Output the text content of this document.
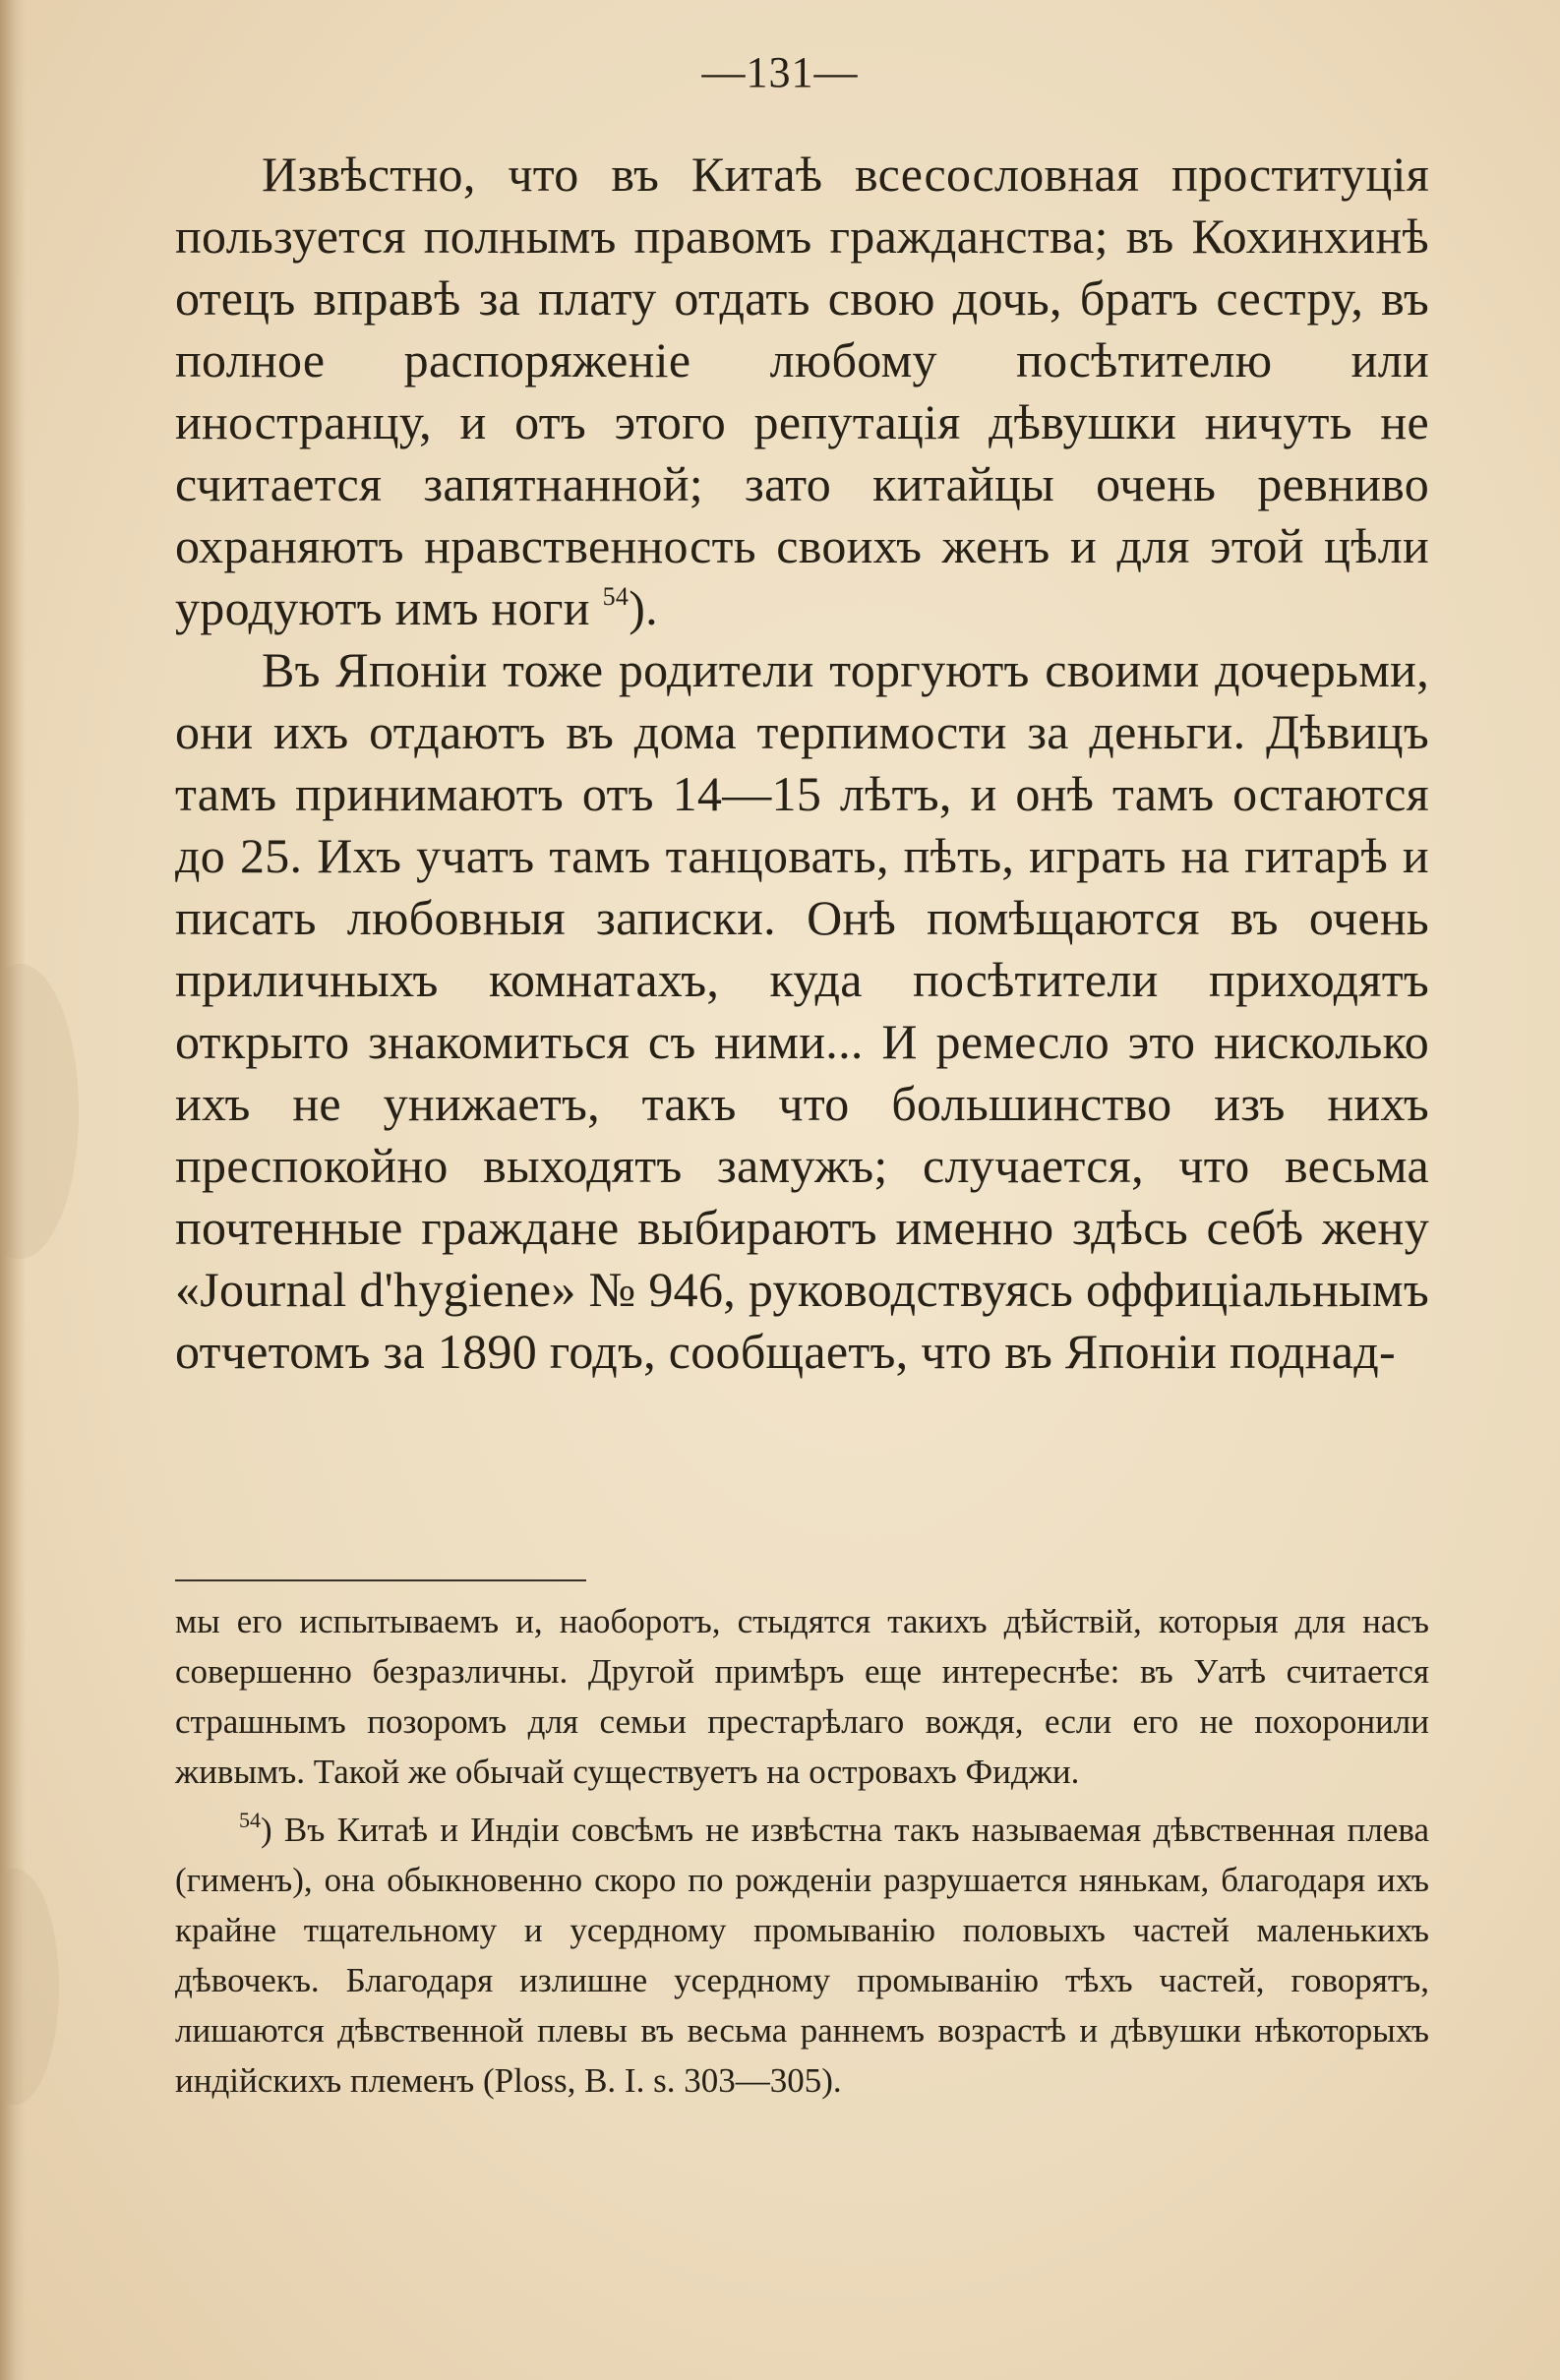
—131—

Извѣстно, что въ Китаѣ всесословная проституція пользуется полнымъ правомъ гражданства; въ Кохинхинѣ отецъ вправѣ за плату отдать свою дочь, братъ сестру, въ полное распоряженіе любому посѣтителю или иностранцу, и отъ этого репутація дѣвушки ничуть не считается запятнанной; зато китайцы очень ревниво охраняютъ нравственность своихъ женъ и для этой цѣли уродуютъ имъ ноги $^{54}$).

Въ Японіи тоже родители торгуютъ своими дочерьми, они ихъ отдаютъ въ дома терпимости за деньги. Дѣвицъ тамъ принимаютъ отъ 14—15 лѣтъ, и онѣ тамъ остаются до 25. Ихъ учатъ тамъ танцовать, пѣть, играть на гитарѣ и писать любовныя записки. Онѣ помѣщаются въ очень приличныхъ комнатахъ, куда посѣтители приходятъ открыто знакомиться съ ними... И ремесло это нисколько ихъ не унижаетъ, такъ что большинство изъ нихъ преспокойно выходятъ замужъ; случается, что весьма почтенные граждане выбираютъ именно здѣсь себѣ жену «Journal d'hygiene» № 946, руководствуясь оффиціальнымъ отчетомъ за 1890 годъ, сообщаетъ, что въ Японіи поднад-

мы его испытываемъ и, наоборотъ, стыдятся такихъ дѣйствій, которыя для насъ совершенно безразличны. Другой примѣръ еще интереснѣе: въ Уатѣ считается страшнымъ позоромъ для семьи престарѣлаго вождя, если его не похоронили живымъ. Такой же обычай существуетъ на островахъ Фиджи.

$^{54}$) Въ Китаѣ и Индіи совсѣмъ не извѣстна такъ называемая дѣвственная плева (гименъ), она обыкновенно скоро по рожденіи разрушается нянькам, благодаря ихъ крайне тщательному и усердному промыванію половыхъ частей маленькихъ дѣвочекъ. Благодаря излишне усердному промыванію тѣхъ частей, говорятъ, лишаются дѣвственной плевы въ весьма раннемъ возрастѣ и дѣвушки нѣкоторыхъ индійскихъ племенъ (Ploss, B. I. s. 303—305).
